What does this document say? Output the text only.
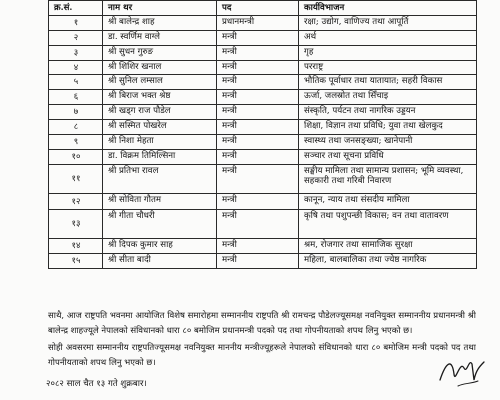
क्र.सं.	नाम थर	पद	कार्यविभाजन
१	श्री बालेन्द्र शाह	प्रधानमन्त्री	रक्षा; उद्योग, वाणिज्य तथा आपूर्ति
२	डा. स्वर्णिम वाग्ले	मन्त्री	अर्थ
३	श्री सुधन गुरुङ	मन्त्री	गृह
४	श्री शिशिर खनाल	मन्त्री	परराष्ट्र
५	श्री सुनिल लम्साल	मन्त्री	भौतिक पूर्वाधार तथा यातायात; सहरी विकास
६	श्री बिराज भक्त श्रेष्ठ	मन्त्री	ऊर्जा, जलस्रोत तथा सिँचाइ
७	श्री खड्ग राज पौडेल	मन्त्री	संस्कृति, पर्यटन तथा नागरिक उड्डयन
८	श्री सस्मित पोखरेल	मन्त्री	शिक्षा, विज्ञान तथा प्रविधि; युवा तथा खेलकुद
९	श्री निशा मेहता	मन्त्री	स्वास्थ्य तथा जनसङ्ख्या; खानेपानी
१०	डा. विक्रम तिमिल्सिना	मन्त्री	सञ्चार तथा सूचना प्रविधि
११	श्री प्रतिभा रावल	मन्त्री	सङ्घीय मामिला तथा सामान्य प्रशासन; भूमि व्यवस्था, सहकारी तथा गरिबी निवारण
१२	श्री सोविता गौतम	मन्त्री	कानून, न्याय तथा संसदीय मामिला
१३	श्री गीता चौधरी	मन्त्री	कृषि तथा पशुपन्छी विकास; वन तथा वातावरण
१४	श्री दिपक कुमार साह	मन्त्री	श्रम, रोजगार तथा सामाजिक सुरक्षा
१५	श्री सीता बादी	मन्त्री	महिला, बालबालिका तथा ज्येष्ठ नागरिक

साथै, आज राष्ट्रपति भवनमा आयोजित विशेष समारोहमा सम्माननीय राष्ट्रपति श्री रामचन्द्र पौडेलज्यूसमक्ष नवनियुक्त सम्माननीय प्रधानमन्त्री श्री बालेन्द्र शाहज्यूले नेपालको संविधानको धारा ८० बमोजिम प्रधानमन्त्री पदको पद तथा गोपनीयताको शपथ लिनु भएको छ।

सोही अवसरमा सम्माननीय राष्ट्रपतिज्यूसमक्ष नवनियुक्त माननीय मन्त्रीज्यूहरूले नेपालको संविधानको धारा ८० बमोजिम मन्त्री पदको पद तथा गोपनीयताको शपथ लिनु भएको छ।

२०८२ साल चैत १३ गते शुक्रबार।
